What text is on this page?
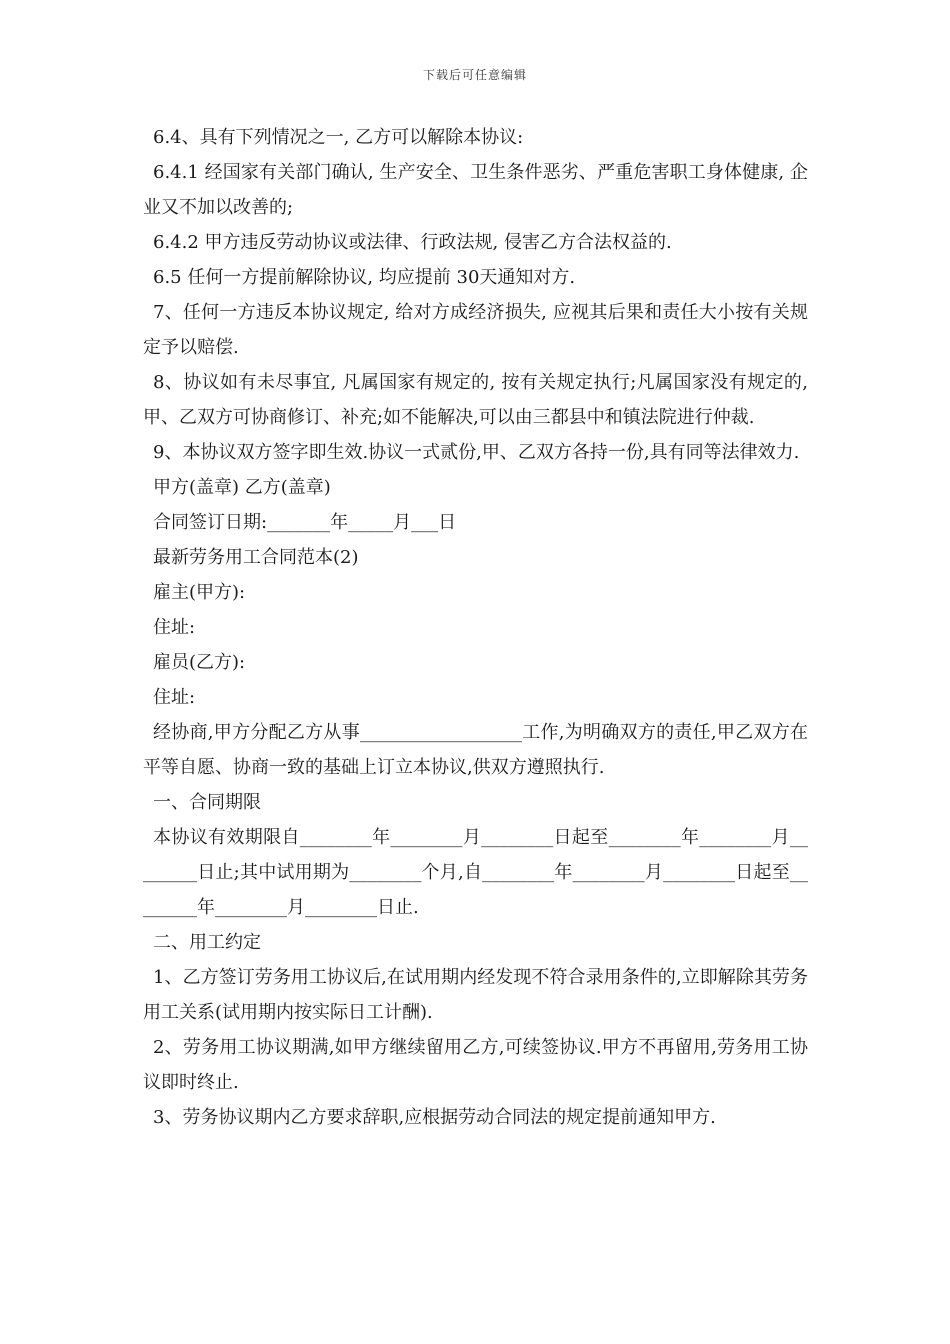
下载后可任意编辑

6.4、具有下列情况之一, 乙方可以解除本协议:

6.4.1 经国家有关部门确认, 生产安全、卫生条件恶劣、严重危害职工身体健康, 企业又不加以改善的;

6.4.2 甲方违反劳动协议或法律、行政法规, 侵害乙方合法权益的.

6.5 任何一方提前解除协议, 均应提前 30天通知对方.

7、任何一方违反本协议规定, 给对方成经济损失, 应视其后果和责任大小按有关规定予以赔偿.

8、协议如有未尽事宜, 凡属国家有规定的, 按有关规定执行;凡属国家没有规定的, 甲、乙双方可协商修订、补充;如不能解决,可以由三都县中和镇法院进行仲裁.

9、本协议双方签字即生效.协议一式贰份,甲、乙双方各持一份,具有同等法律效力.

甲方(盖章) 乙方(盖章)

合同签订日期:_______年_____月___日

最新劳务用工合同范本(2)

雇主(甲方):

住址:

雇员(乙方):

住址:

经协商,甲方分配乙方从事__________________工作,为明确双方的责任,甲乙双方在平等自愿、协商一致的基础上订立本协议,供双方遵照执行.

一、合同期限

本协议有效期限自________年________月________日起至________年________月________日止;其中试用期为________个月,自________年________月________日起至________年________月________日止.

二、用工约定

1、乙方签订劳务用工协议后,在试用期内经发现不符合录用条件的,立即解除其劳务用工关系(试用期内按实际日工计酬).

2、劳务用工协议期满,如甲方继续留用乙方,可续签协议.甲方不再留用,劳务用工协议即时终止.

3、劳务协议期内乙方要求辞职,应根据劳动合同法的规定提前通知甲方.
